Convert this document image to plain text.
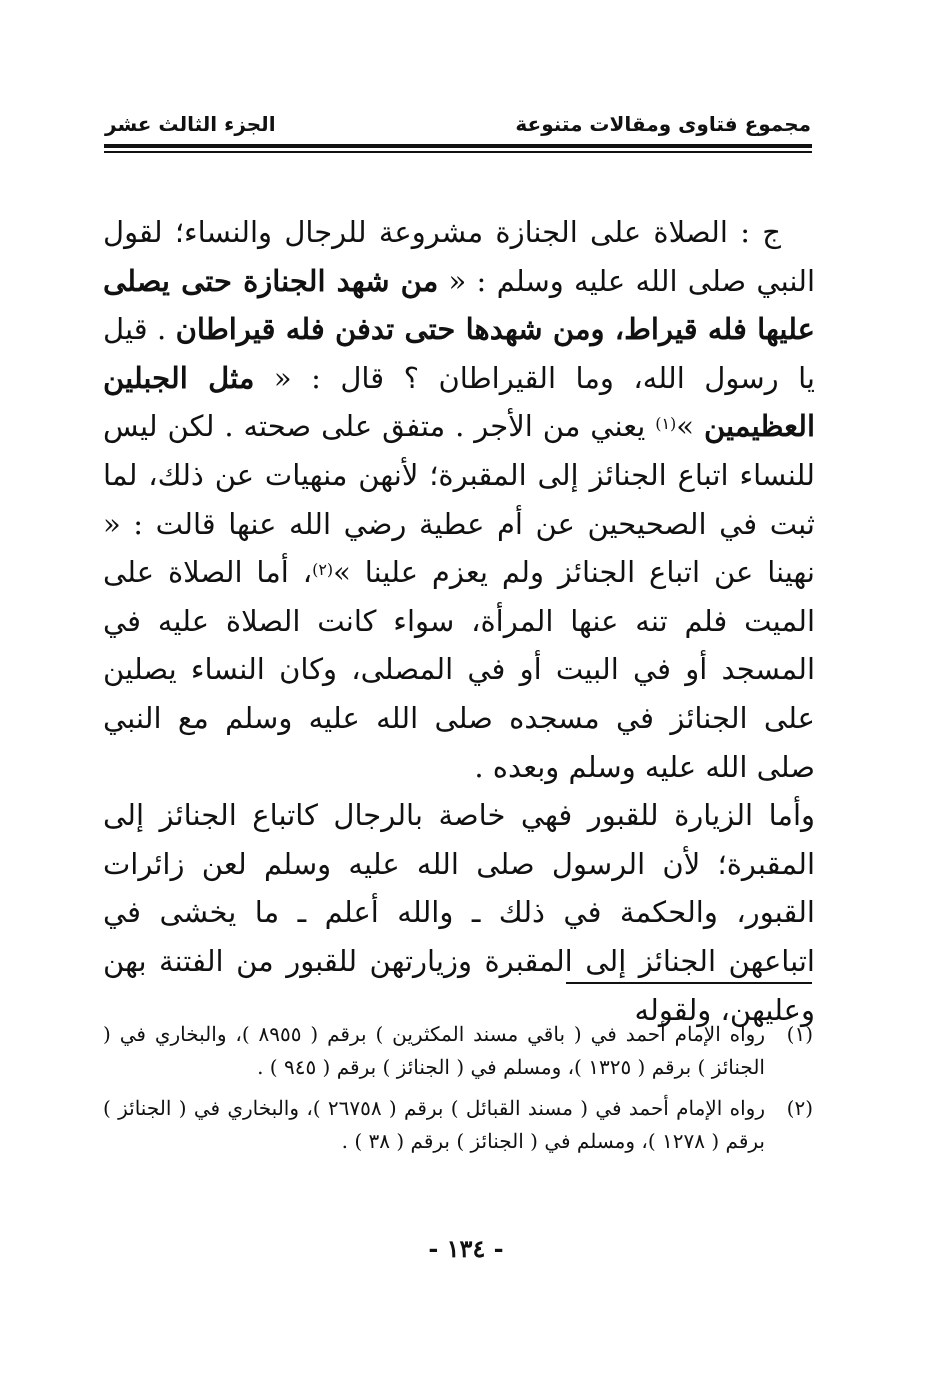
مجموع فتاوى ومقالات متنوعة
الجزء الثالث عشر

ج : الصلاة على الجنازة مشروعة للرجال والنساء؛ لقول النبي صلى الله عليه وسلم : « من شهد الجنازة حتى يصلى عليها فله قيراط، ومن شهدها حتى تدفن فله قيراطان . قيل يا رسول الله، وما القيراطان ؟ قال : « مثل الجبلين العظيمين »$^{(١)}$ يعني من الأجر . متفق على صحته . لكن ليس للنساء اتباع الجنائز إلى المقبرة؛ لأنهن منهيات عن ذلك، لما ثبت في الصحيحين عن أم عطية رضي الله عنها قالت : « نهينا عن اتباع الجنائز ولم يعزم علينا »$^{(٢)}$، أما الصلاة على الميت فلم تنه عنها المرأة، سواء كانت الصلاة عليه في المسجد أو في البيت أو في المصلى، وكان النساء يصلين على الجنائز في مسجده صلى الله عليه وسلم مع النبي صلى الله عليه وسلم وبعده .

وأما الزيارة للقبور فهي خاصة بالرجال كاتباع الجنائز إلى المقبرة؛ لأن الرسول صلى الله عليه وسلم لعن زائرات القبور، والحكمة في ذلك ـ والله أعلم ـ ما يخشى في اتباعهن الجنائز إلى المقبرة وزيارتهن للقبور من الفتنة بهن وعليهن، ولقوله

(١)
رواه الإمام أحمد في ( باقي مسند المكثرين ) برقم ( ٨٩٥٥ )، والبخاري في ( الجنائز ) برقم ( ١٣٢٥ )، ومسلم في ( الجنائز ) برقم ( ٩٤٥ ) .
(٢)
رواه الإمام أحمد في ( مسند القبائل ) برقم ( ٢٦٧٥٨ )، والبخاري في ( الجنائز ) برقم ( ١٢٧٨ )، ومسلم في ( الجنائز ) برقم ( ٣٨ ) .
- ١٣٤ -
